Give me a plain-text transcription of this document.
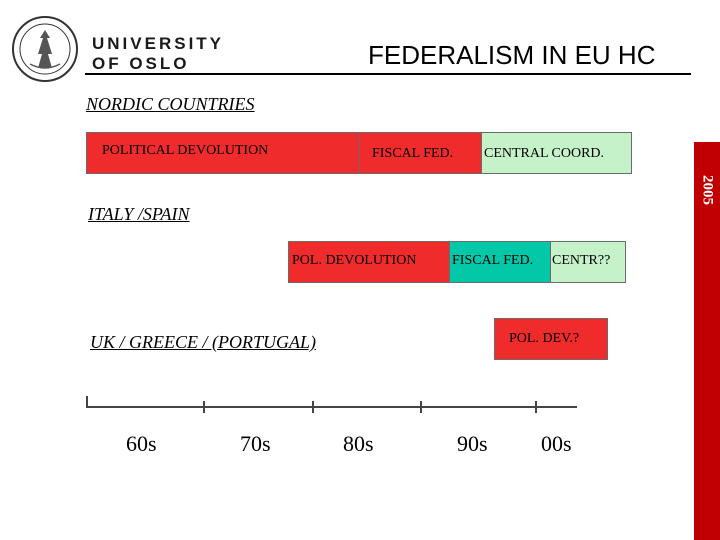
UNIVERSITY
OF OSLO	FEDERALISM IN EU HC
2005
NORDIC COUNTRIES
POLITICAL DEVOLUTION	FISCAL FED.	CENTRAL COORD.
ITALY /SPAIN
POL. DEVOLUTION	FISCAL FED.	CENTR??
UK / GREECE / (PORTUGAL)	POL. DEV.?
60s	70s	80s	90s 00s
